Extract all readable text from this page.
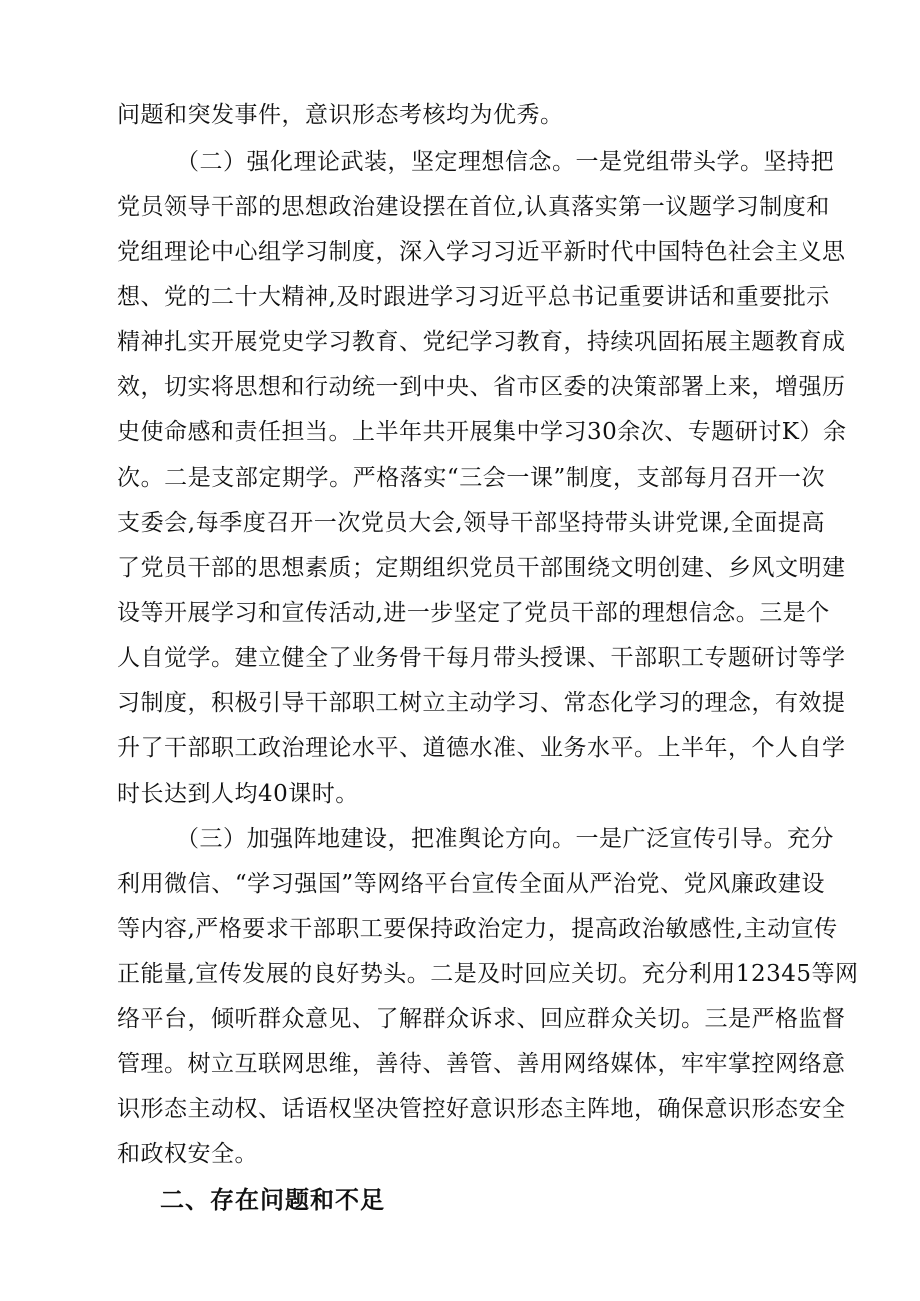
问题和突发事件，意识形态考核均为优秀。
（二）强化理论武装，坚定理想信念。一是党组带头学。坚持把
党员领导干部的思想政治建设摆在首位,认真落实第一议题学习制度和
党组理论中心组学习制度，深入学习习近平新时代中国特色社会主义思
想、党的二十大精神,及时跟进学习习近平总书记重要讲话和重要批示
精神扎实开展党史学习教育、党纪学习教育，持续巩固拓展主题教育成
效，切实将思想和行动统一到中央、省市区委的决策部署上来，增强历
史使命感和责任担当。上半年共开展集中学习30余次、专题研讨K）余
次。二是支部定期学。严格落实“三会一课”制度，支部每月召开一次
支委会,每季度召开一次党员大会,领导干部坚持带头讲党课,全面提高
了党员干部的思想素质；定期组织党员干部围绕文明创建、乡风文明建
设等开展学习和宣传活动,进一步坚定了党员干部的理想信念。三是个
人自觉学。建立健全了业务骨干每月带头授课、干部职工专题研讨等学
习制度，积极引导干部职工树立主动学习、常态化学习的理念，有效提
升了干部职工政治理论水平、道德水准、业务水平。上半年，个人自学
时长达到人均40课时。
（三）加强阵地建设，把准舆论方向。一是广泛宣传引导。充分
利用微信、“学习强国”等网络平台宣传全面从严治党、党风廉政建设
等内容,严格要求干部职工要保持政治定力，提高政治敏感性,主动宣传
正能量,宣传发展的良好势头。二是及时回应关切。充分利用12345等网
络平台，倾听群众意见、了解群众诉求、回应群众关切。三是严格监督
管理。树立互联网思维，善待、善管、善用网络媒体，牢牢掌控网络意
识形态主动权、话语权坚决管控好意识形态主阵地，确保意识形态安全
和政权安全。
二、存在问题和不足
